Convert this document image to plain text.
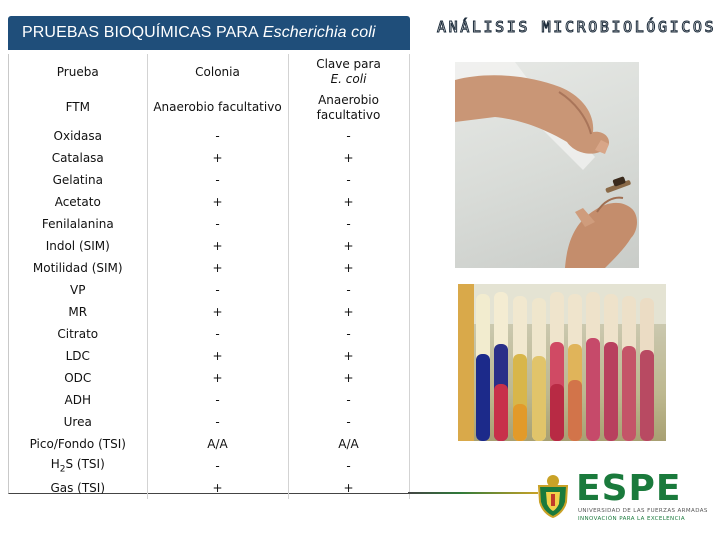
PRUEBAS BIOQUÍMICAS PARA Escherichia coli	ANÁLISIS MICROBIOLÓGICOS
Prueba	Colonia	Clave para
E. coli
FTM	Anaerobio facultativo	Anaerobio
facultativo
Oxidasa	-	-
Catalasa	+	+
Gelatina	-	-
Acetato	+	+
Fenilalanina	-	-
Indol (SIM)	+	+
Motilidad (SIM)	+	+
VP	-	-
MR	+	+
Citrato	-	-
LDC	+	+
ODC	+	+
ADH	-	-
Urea	-	-
Pico/Fondo (TSI)	A/A	A/A
$H_2S$ (TSI)	-	-
Gas (TSI)	+	+	ESPE
UNIVERSIDAD DE LAS FUERZAS ARMADAS
INNOVACIÓN PARA LA EXCELENCIA
